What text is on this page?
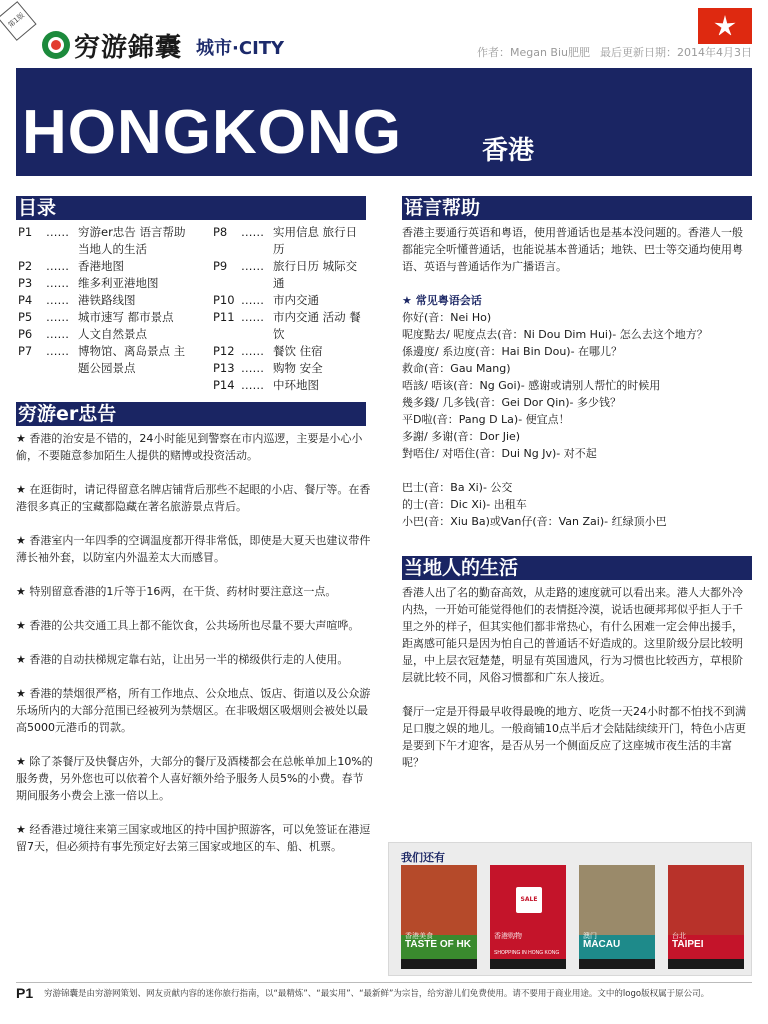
第1版
穷游錦囊 城市·CITY	作者：Megan Biu肥肥 最后更新日期：2014年4月3日
HONGKONG	香港
目录
P1	…… 穷游er忠告 语言帮助 当地人的生活
P2	…… 香港地图
P3	…… 维多利亚港地图
P4	…… 港铁路线图
P5	…… 城市速写 都市景点
P6	…… 人文自然景点
P7	…… 博物馆、离岛景点 主题公园景点
P8	…… 实用信息 旅行日历
P9	…… 旅行日历 城际交通
P10 …… 市内交通
P11 …… 市内交通 活动 餐饮
P12 …… 餐饮 住宿
P13 …… 购物 安全
P14 …… 中环地图
穷游er忠告

★ 香港的治安是不错的，24小时能见到警察在市内巡逻，主要是小心小偷，不要随意参加陌生人提供的赌博或投资活动。

★ 在逛街时，请记得留意名牌店铺背后那些不起眼的小店、餐厅等。在香港很多真正的宝藏都隐藏在著名旅游景点背后。

★ 香港室内一年四季的空调温度都开得非常低，即使是大夏天也建议带件薄长袖外套，以防室内外温差太大而感冒。

★ 特别留意香港的1斤等于16两，在干货、药材时要注意这一点。

★ 香港的公共交通工具上都不能饮食，公共场所也尽量不要大声喧哗。

★ 香港的自动扶梯规定靠右站，让出另一半的梯级供行走的人使用。

★ 香港的禁烟很严格，所有工作地点、公众地点、饭店、街道以及公众游乐场所内的大部分范围已经被列为禁烟区。在非吸烟区吸烟则会被处以最高5000元港币的罚款。

★ 除了茶餐厅及快餐店外，大部分的餐厅及酒楼都会在总帐单加上10%的服务费，另外您也可以依着个人喜好额外给予服务人员5%的小费。春节期间服务小费会上涨一倍以上。

★ 经香港过境往来第三国家或地区的持中国护照游客，可以免签证在港逗留7天，但必须持有事先预定好去第三国家或地区的车、船、机票。

语言帮助

香港主要通行英语和粤语，使用普通话也是基本没问题的。香港人一般都能完全听懂普通话，也能说基本普通话；地铁、巴士等交通均使用粤语、英语与普通话作为广播语言。

★ 常见粤语会话

你好(音：Nei Ho)
呢度點去/ 呢度点去(音：Ni Dou Dim Hui)- 怎么去这个地方？
係邊度/ 系边度(音：Hai Bin Dou)- 在哪儿？
救命(音：Gau Mang)
唔該/ 唔该(音：Ng Goi)- 感谢或请别人帮忙的时候用
幾多錢/ 几多钱(音：Gei Dor Qin)- 多少钱？
平D啦(音：Pang D La)- 便宜点！
多謝/ 多谢(音：Dor Jie)
對唔住/ 对唔住(音：Dui Ng Jv)- 对不起
巴士(音：Ba Xi)- 公交
的士(音：Dic Xi)- 出租车
小巴(音：Xiu Ba)或Van仔(音：Van Zai)- 红绿顶小巴
当地人的生活

香港人出了名的勤奋高效，从走路的速度就可以看出来。港人大都外冷内热，一开始可能觉得他们的表情挺冷漠，说话也硬邦邦似乎拒人于千里之外的样子，但其实他们都非常热心，有什么困难一定会伸出援手，距离感可能只是因为怕自己的普通话不好造成的。这里阶级分层比较明显，中上层衣冠楚楚，明显有英国遗风，行为习惯也比较西方，草根阶层就比较不同，风俗习惯都和广东人接近。

餐厅一定是开得最早收得最晚的地方、吃货一天24小时都不怕找不到满足口腹之娱的地儿。一般商铺10点半后才会陆陆续续开门，特色小店更是要到下午才迎客，是否从另一个侧面反应了这座城市夜生活的丰富呢？

我们还有
香港美食
TASTE OF HK
香港购物
SALE
SHOPPING IN HONG KONG
澳门
MACAU
台北
TAIPEI
P1 穷游锦囊是由穷游网策划、网友贡献内容的迷你旅行指南，以“最精炼”、“最实用”、“最新鲜”为宗旨，给穷游儿们免费使用。请不要用于商业用途。文中的logo版权属于原公司。
